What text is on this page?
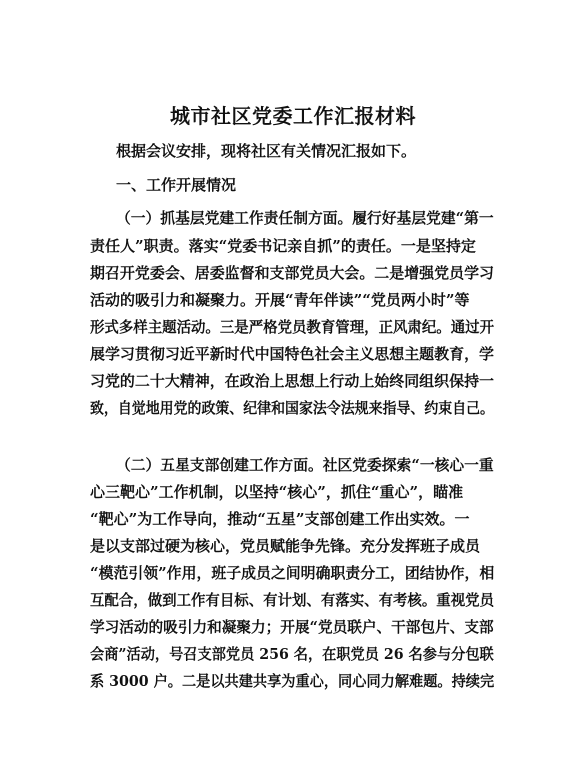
城市社区党委工作汇报材料
根据会议安排，现将社区有关情况汇报如下。
一、工作开展情况
（一）抓基层党建工作责任制方面。履行好基层党建“第一
责任人”职责。落实“党委书记亲自抓”的责任。一是坚持定
期召开党委会、居委监督和支部党员大会。二是增强党员学习
活动的吸引力和凝聚力。开展“青年伴读”“党员两小时”等
形式多样主题活动。三是严格党员教育管理，正风肃纪。通过开
展学习贯彻习近平新时代中国特色社会主义思想主题教育，学
习党的二十大精神，在政治上思想上行动上始终同组织保持一
致，自觉地用党的政策、纪律和国家法令法规来指导、约束自己。
（二）五星支部创建工作方面。社区党委探索“一核心一重
心三靶心”工作机制，以坚持“核心”，抓住“重心”，瞄准
“靶心”为工作导向，推动“五星”支部创建工作出实效。一
是以支部过硬为核心，党员赋能争先锋。充分发挥班子成员
“模范引领”作用，班子成员之间明确职责分工，团结协作，相
互配合，做到工作有目标、有计划、有落实、有考核。重视党员
学习活动的吸引力和凝聚力；开展“党员联户、干部包片、支部
会商”活动，号召支部党员 256 名，在职党员 26 名参与分包联
系 3000 户。二是以共建共享为重心，同心同力解难题。持续完
